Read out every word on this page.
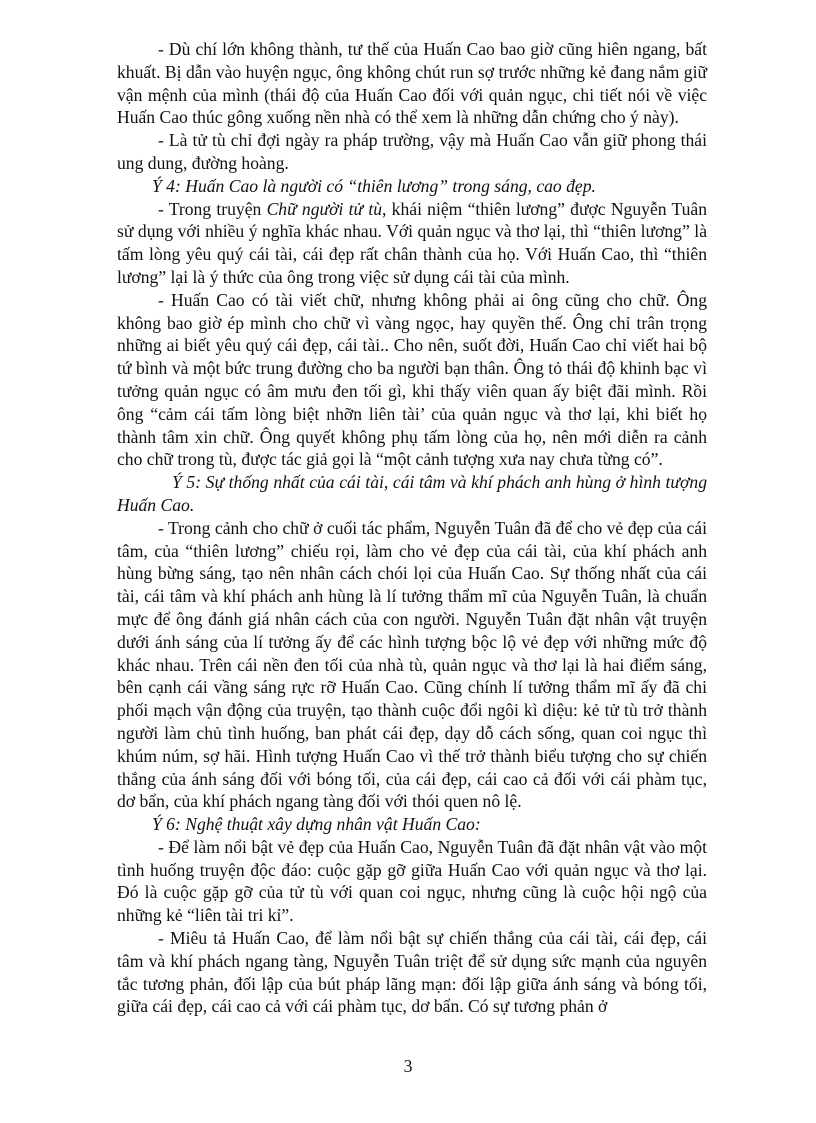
- Dù chí lớn không thành, tư thế của Huấn Cao bao giờ cũng hiên ngang, bất khuất. Bị dẫn vào huyện ngục, ông không chút run sợ trước những kẻ đang nắm giữ vận mệnh của mình (thái độ của Huấn Cao đối với quản ngục, chi tiết nói về việc Huấn Cao thúc gông xuống nền nhà có thể xem là những dẫn chứng cho ý này).

- Là tử tù chỉ đợi ngày ra pháp trường, vậy mà Huấn Cao vẫn giữ phong thái ung dung, đường hoàng.

Ý 4: Huấn Cao là người có “thiên lương” trong sáng, cao đẹp.

- Trong truyện Chữ người tử tù, khái niệm “thiên lương” được Nguyễn Tuân sử dụng với nhiều ý nghĩa khác nhau. Với quản ngục và thơ lại, thì “thiên lương” là tấm lòng yêu quý cái tài, cái đẹp rất chân thành của họ. Với Huấn Cao, thì “thiên lương” lại là ý thức của ông trong việc sử dụng cái tài của mình.

- Huấn Cao có tài viết chữ, nhưng không phải ai ông cũng cho chữ. Ông không bao giờ ép mình cho chữ vì vàng ngọc, hay quyền thế. Ông chỉ trân trọng những ai biết yêu quý cái đẹp, cái tài.. Cho nên, suốt đời, Huấn Cao chỉ viết hai bộ tứ bình và một bức trung đường cho ba người bạn thân. Ông tỏ thái độ khinh bạc vì tưởng quản ngục có âm mưu đen tối gì, khi thấy viên quan ấy biệt đãi mình. Rồi ông “cảm cái tấm lòng biệt nhỡn liên tài’ của quản ngục và thơ lại, khi biết họ thành tâm xin chữ. Ông quyết không phụ tấm lòng của họ, nên mới diễn ra cảnh cho chữ trong tù, được tác giả gọi là “một cảnh tượng xưa nay chưa từng có”.

Ý 5: Sự thống nhất của cái tài, cái tâm và khí phách anh hùng ở hình tượng Huấn Cao.

- Trong cảnh cho chữ ở cuối tác phẩm, Nguyễn Tuân đã để cho vẻ đẹp của cái tâm, của “thiên lương” chiếu rọi, làm cho vẻ đẹp của cái tài, của khí phách anh hùng bừng sáng, tạo nên nhân cách chói lọi của Huấn Cao. Sự thống nhất của cái tài, cái tâm và khí phách anh hùng là lí tưởng thẩm mĩ của Nguyễn Tuân, là chuẩn mực để ông đánh giá nhân cách của con người. Nguyễn Tuân đặt nhân vật truyện dưới ánh sáng của lí tưởng ấy để các hình tượng bộc lộ vẻ đẹp với những mức độ khác nhau. Trên cái nền đen tối của nhà tù, quản ngục và thơ lại là hai điểm sáng, bên cạnh cái vầng sáng rực rỡ Huấn Cao. Cũng chính lí tưởng thẩm mĩ ấy đã chi phối mạch vận động của truyện, tạo thành cuộc đổi ngôi kì diệu: kẻ tử tù trở thành người làm chủ tình huống, ban phát cái đẹp, dạy dỗ cách sống, quan coi ngục thì khúm núm, sợ hãi. Hình tượng Huấn Cao vì thế trở thành biểu tượng cho sự chiến thắng của ánh sáng đối với bóng tối, của cái đẹp, cái cao cả đối với cái phàm tục, dơ bẩn, của khí phách ngang tàng đối với thói quen nô lệ.

Ý 6: Nghệ thuật xây dựng nhân vật Huấn Cao:

- Để làm nổi bật vẻ đẹp của Huấn Cao, Nguyễn Tuân đã đặt nhân vật vào một tình huống truyện độc đáo: cuộc gặp gỡ giữa Huấn Cao với quản ngục và thơ lại. Đó là cuộc gặp gỡ của tử tù với quan coi ngục, nhưng cũng là cuộc hội ngộ của những kẻ “liên tài tri kỉ”.

- Miêu tả Huấn Cao, để làm nổi bật sự chiến thắng của cái tài, cái đẹp, cái tâm và khí phách ngang tàng, Nguyễn Tuân triệt để sử dụng sức mạnh của nguyên tắc tương phản, đối lập của bút pháp lãng mạn: đối lập giữa ánh sáng và bóng tối, giữa cái đẹp, cái cao cả với cái phàm tục, dơ bẩn. Có sự tương phản ở

3
